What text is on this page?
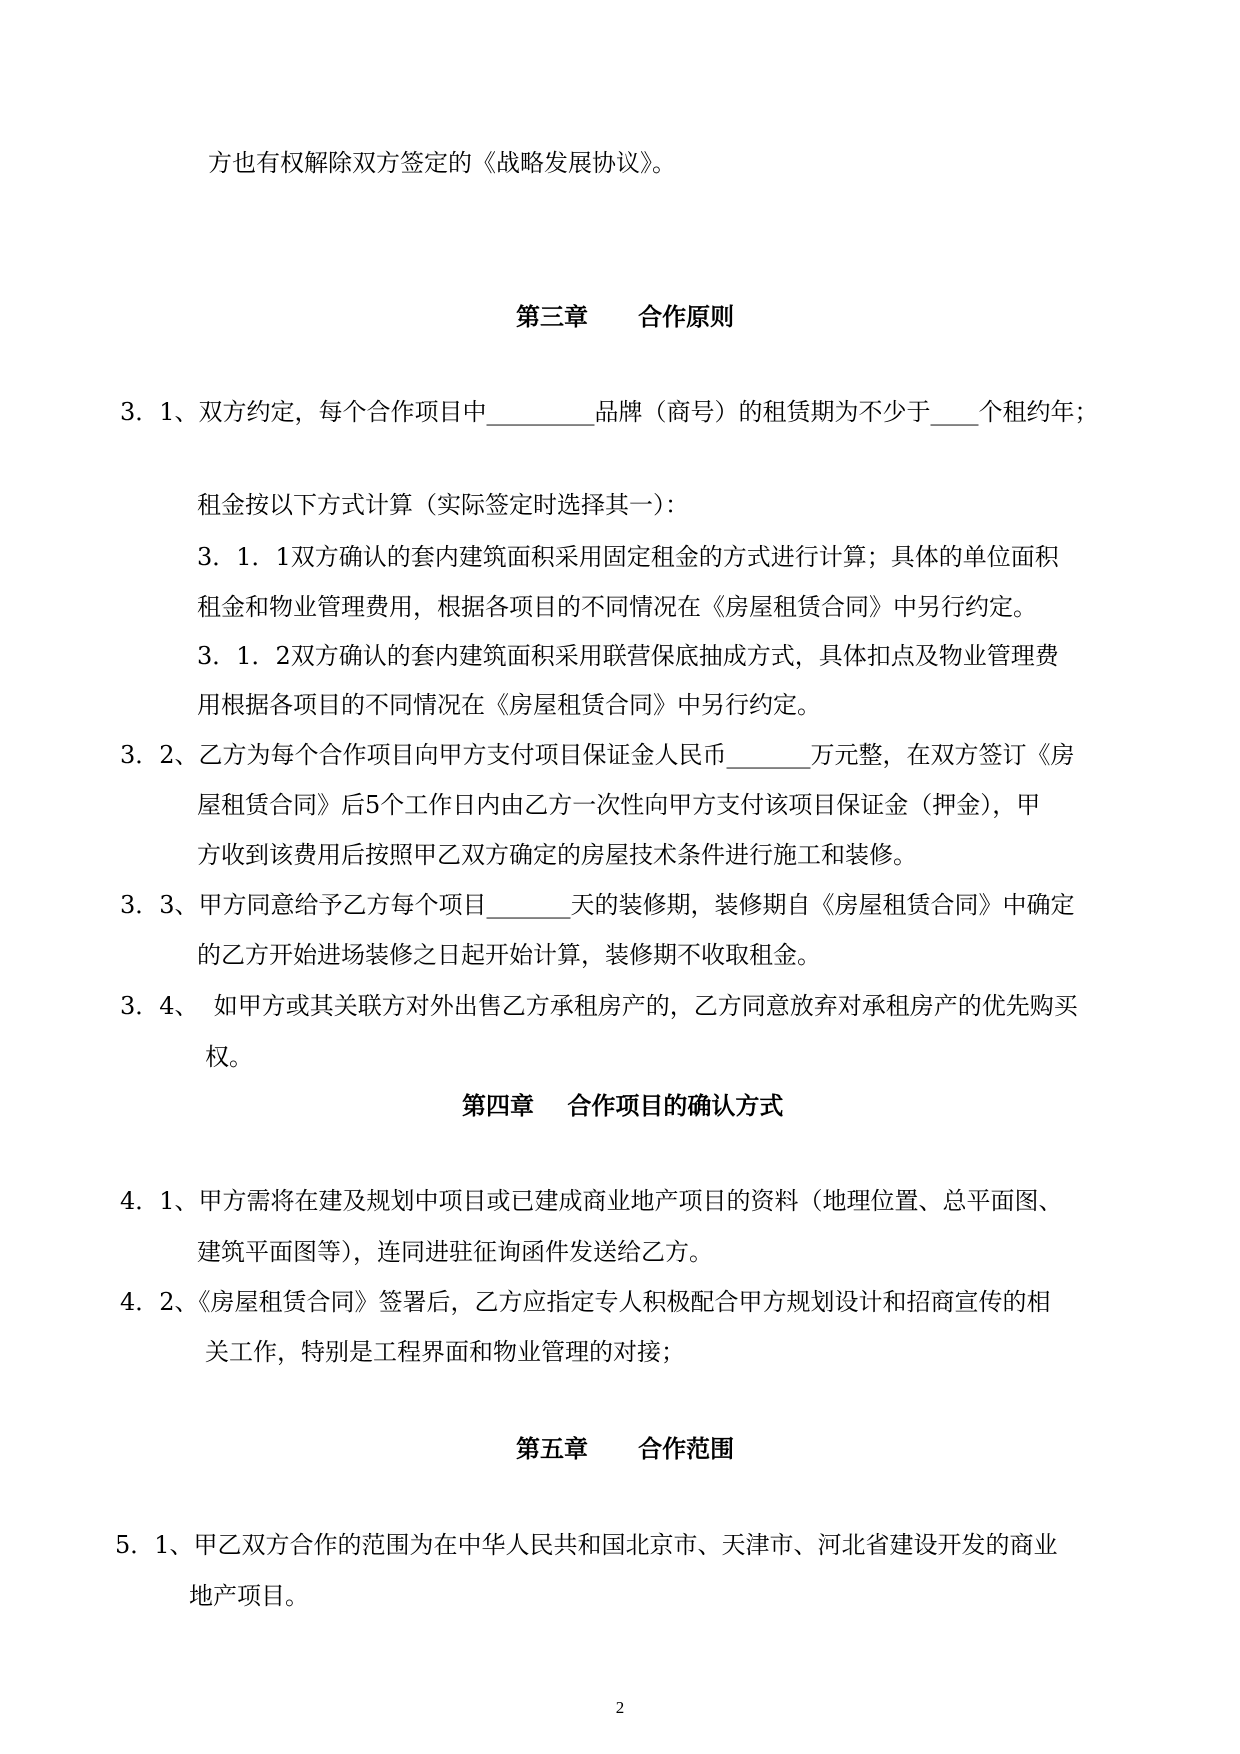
方也有权解除双方签定的《战略发展协议》。

第三章      合作原则

3．1、双方约定，每个合作项目中_________品牌（商号）的租赁期为不少于____个租约年；

租金按以下方式计算（实际签定时选择其一）：

3．1．1双方确认的套内建筑面积采用固定租金的方式进行计算；具体的单位面积

租金和物业管理费用，根据各项目的不同情况在《房屋租赁合同》中另行约定。

3．1．2双方确认的套内建筑面积采用联营保底抽成方式，具体扣点及物业管理费

用根据各项目的不同情况在《房屋租赁合同》中另行约定。

3．2、乙方为每个合作项目向甲方支付项目保证金人民币_______万元整，在双方签订《房

屋租赁合同》后5个工作日内由乙方一次性向甲方支付该项目保证金（押金），甲

方收到该费用后按照甲乙双方确定的房屋技术条件进行施工和装修。

3．3、甲方同意给予乙方每个项目_______天的装修期，装修期自《房屋租赁合同》中确定

的乙方开始进场装修之日起开始计算，装修期不收取租金。

3．4、  如甲方或其关联方对外出售乙方承租房产的，乙方同意放弃对承租房产的优先购买

权。

第四章    合作项目的确认方式

4．1、甲方需将在建及规划中项目或已建成商业地产项目的资料（地理位置、总平面图、

建筑平面图等），连同进驻征询函件发送给乙方。

4．2、《房屋租赁合同》签署后，乙方应指定专人积极配合甲方规划设计和招商宣传的相

关工作，特别是工程界面和物业管理的对接；

第五章      合作范围

5．1、甲乙双方合作的范围为在中华人民共和国北京市、天津市、河北省建设开发的商业

地产项目。

2
